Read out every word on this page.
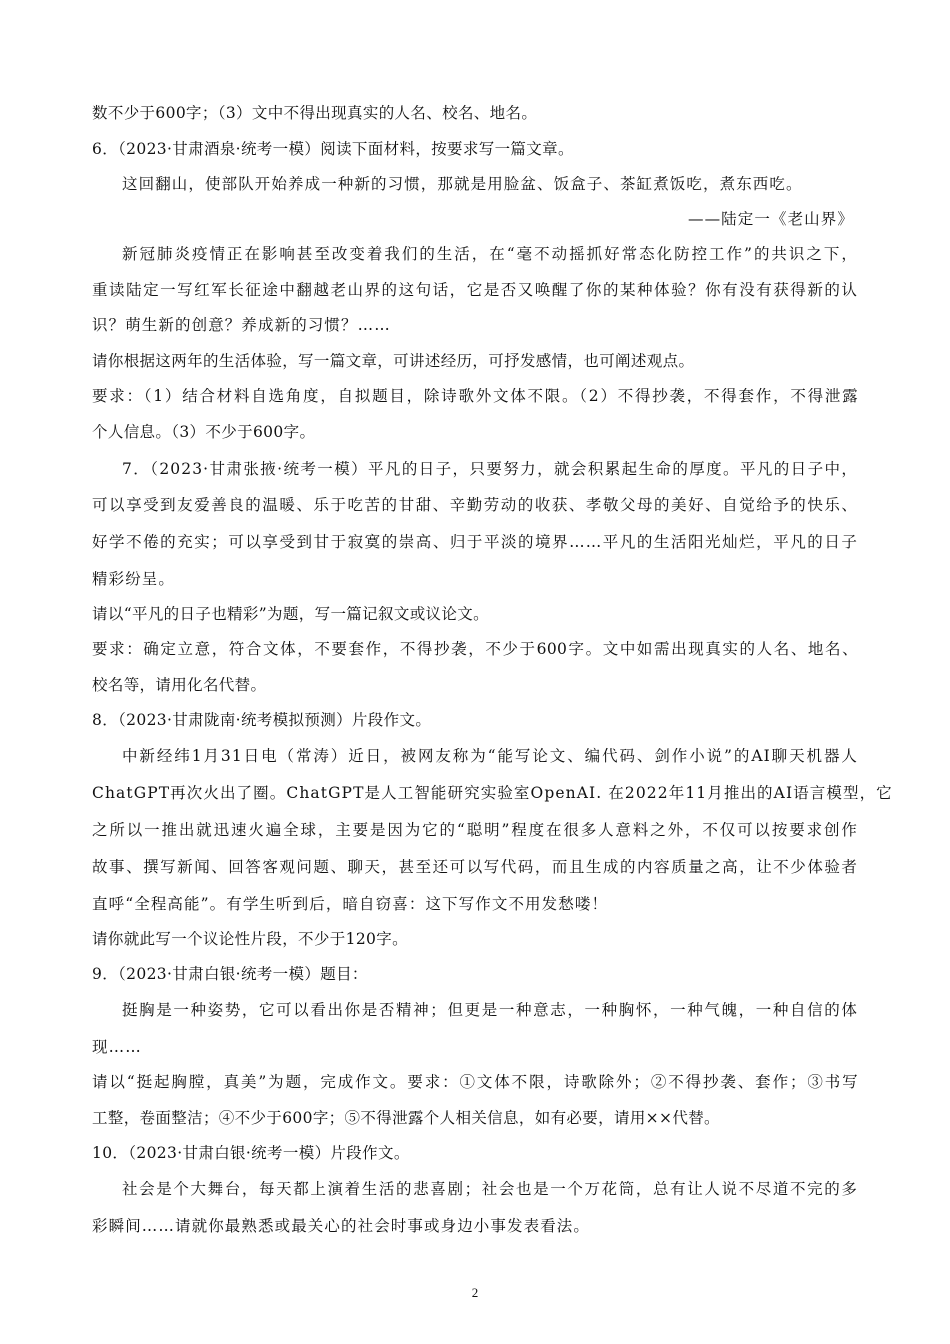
数不少于600字；（3）文中不得出现真实的人名、校名、地名。
6．（2023·甘肃酒泉·统考一模）阅读下面材料，按要求写一篇文章。
这回翻山，使部队开始养成一种新的习惯，那就是用脸盆、饭盒子、茶缸煮饭吃，煮东西吃。
——陆定一《老山界》
新冠肺炎疫情正在影响甚至改变着我们的生活，在“毫不动摇抓好常态化防控工作”的共识之下，
重读陆定一写红军长征途中翻越老山界的这句话，它是否又唤醒了你的某种体验？你有没有获得新的认
识？萌生新的创意？养成新的习惯？……
请你根据这两年的生活体验，写一篇文章，可讲述经历，可抒发感情，也可阐述观点。
要求：（1）结合材料自选角度，自拟题目，除诗歌外文体不限。（2）不得抄袭，不得套作，不得泄露
个人信息。（3）不少于600字。
7．（2023·甘肃张掖·统考一模）平凡的日子，只要努力，就会积累起生命的厚度。平凡的日子中，
可以享受到友爱善良的温暖、乐于吃苦的甘甜、辛勤劳动的收获、孝敬父母的美好、自觉给予的快乐、
好学不倦的充实；可以享受到甘于寂寞的崇高、归于平淡的境界……平凡的生活阳光灿烂，平凡的日子
精彩纷呈。
请以“平凡的日子也精彩”为题，写一篇记叙文或议论文。
要求：确定立意，符合文体，不要套作，不得抄袭，不少于600字。文中如需出现真实的人名、地名、
校名等，请用化名代替。
8．（2023·甘肃陇南·统考模拟预测）片段作文。
中新经纬1月31日电（常涛）近日，被网友称为“能写论文、编代码、剑作小说”的AI聊天机器人
ChatGPT再次火出了圈。ChatGPT是人工智能研究实验室OpenAI. 在2022年11月推出的AI语言模型，它
之所以一推出就迅速火遍全球，主要是因为它的“聪明”程度在很多人意料之外，不仅可以按要求创作
故事、撰写新闻、回答客观问题、聊天，甚至还可以写代码，而且生成的内容质量之高，让不少体验者
直呼“全程高能”。有学生听到后，暗自窃喜：这下写作文不用发愁喽！
请你就此写一个议论性片段，不少于120字。
9．（2023·甘肃白银·统考一模）题目：
挺胸是一种姿势，它可以看出你是否精神；但更是一种意志，一种胸怀，一种气魄，一种自信的体
现……
请以“挺起胸膛，真美”为题，完成作文。要求：①文体不限，诗歌除外；②不得抄袭、套作；③书写
工整，卷面整洁；④不少于600字；⑤不得泄露个人相关信息，如有必要，请用××代替。
10．（2023·甘肃白银·统考一模）片段作文。
社会是个大舞台，每天都上演着生活的悲喜剧；社会也是一个万花筒，总有让人说不尽道不完的多
彩瞬间……请就你最熟悉或最关心的社会时事或身边小事发表看法。
2
